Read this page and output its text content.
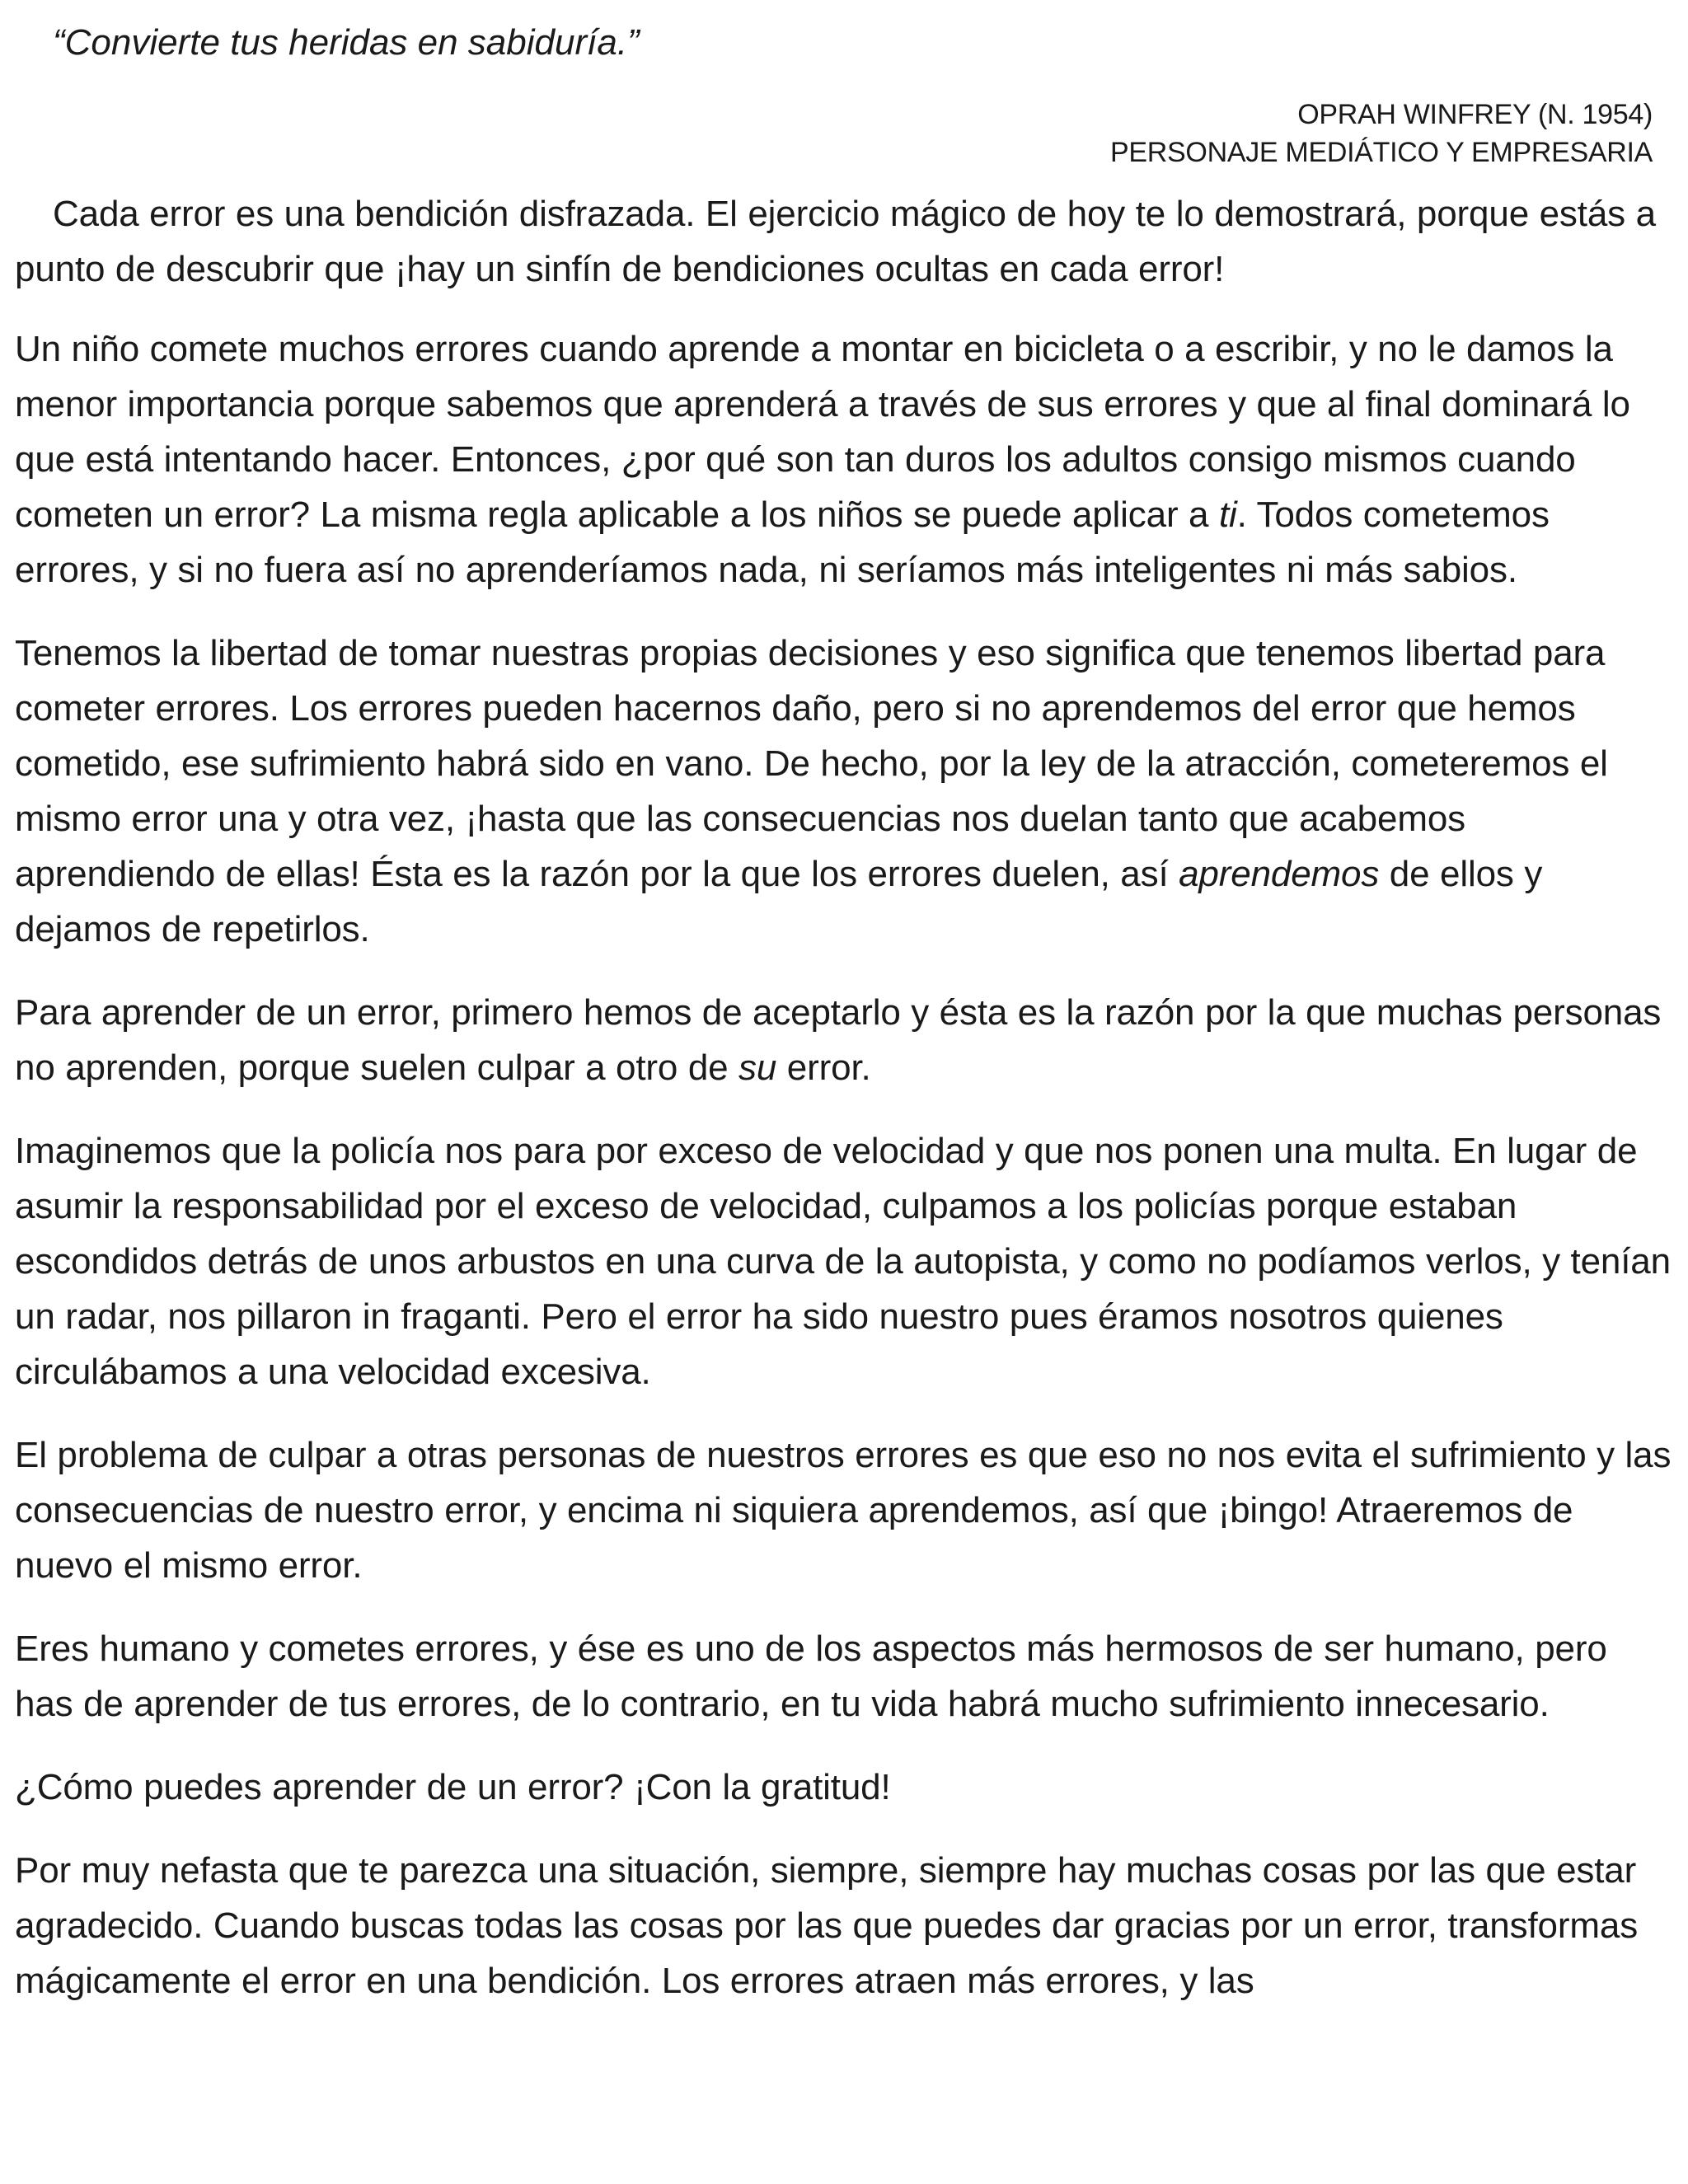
“Convierte tus heridas en sabiduría.”
OPRAH WINFREY (N. 1954)
PERSONAJE MEDIÁTICO Y EMPRESARIA

Cada error es una bendición disfrazada. El ejercicio mágico de hoy te lo demostrará, porque estás a punto de descubrir que ¡hay un sinfín de bendiciones ocultas en cada error!

Un niño comete muchos errores cuando aprende a montar en bicicleta o a escribir, y no le damos la menor importancia porque sabemos que aprenderá a través de sus errores y que al final dominará lo que está intentando hacer. Entonces, ¿por qué son tan duros los adultos consigo mismos cuando cometen un error? La misma regla aplicable a los niños se puede aplicar a ti. Todos cometemos errores, y si no fuera así no aprenderíamos nada, ni seríamos más inteligentes ni más sabios.

Tenemos la libertad de tomar nuestras propias decisiones y eso significa que tenemos libertad para cometer errores. Los errores pueden hacernos daño, pero si no aprendemos del error que hemos cometido, ese sufrimiento habrá sido en vano. De hecho, por la ley de la atracción, cometeremos el mismo error una y otra vez, ¡hasta que las consecuencias nos duelan tanto que acabemos aprendiendo de ellas! Ésta es la razón por la que los errores duelen, así aprendemos de ellos y dejamos de repetirlos.

Para aprender de un error, primero hemos de aceptarlo y ésta es la razón por la que muchas personas no aprenden, porque suelen culpar a otro de su error.

Imaginemos que la policía nos para por exceso de velocidad y que nos ponen una multa. En lugar de asumir la responsabilidad por el exceso de velocidad, culpamos a los policías porque estaban escondidos detrás de unos arbustos en una curva de la autopista, y como no podíamos verlos, y tenían un radar, nos pillaron in fraganti. Pero el error ha sido nuestro pues éramos nosotros quienes circulábamos a una velocidad excesiva.

El problema de culpar a otras personas de nuestros errores es que eso no nos evita el sufrimiento y las consecuencias de nuestro error, y encima ni siquiera aprendemos, así que ¡bingo! Atraeremos de nuevo el mismo error.

Eres humano y cometes errores, y ése es uno de los aspectos más hermosos de ser humano, pero has de aprender de tus errores, de lo contrario, en tu vida habrá mucho sufrimiento innecesario.

¿Cómo puedes aprender de un error? ¡Con la gratitud!

Por muy nefasta que te parezca una situación, siempre, siempre hay muchas cosas por las que estar agradecido. Cuando buscas todas las cosas por las que puedes dar gracias por un error, transformas mágicamente el error en una bendición. Los errores atraen más errores, y las
